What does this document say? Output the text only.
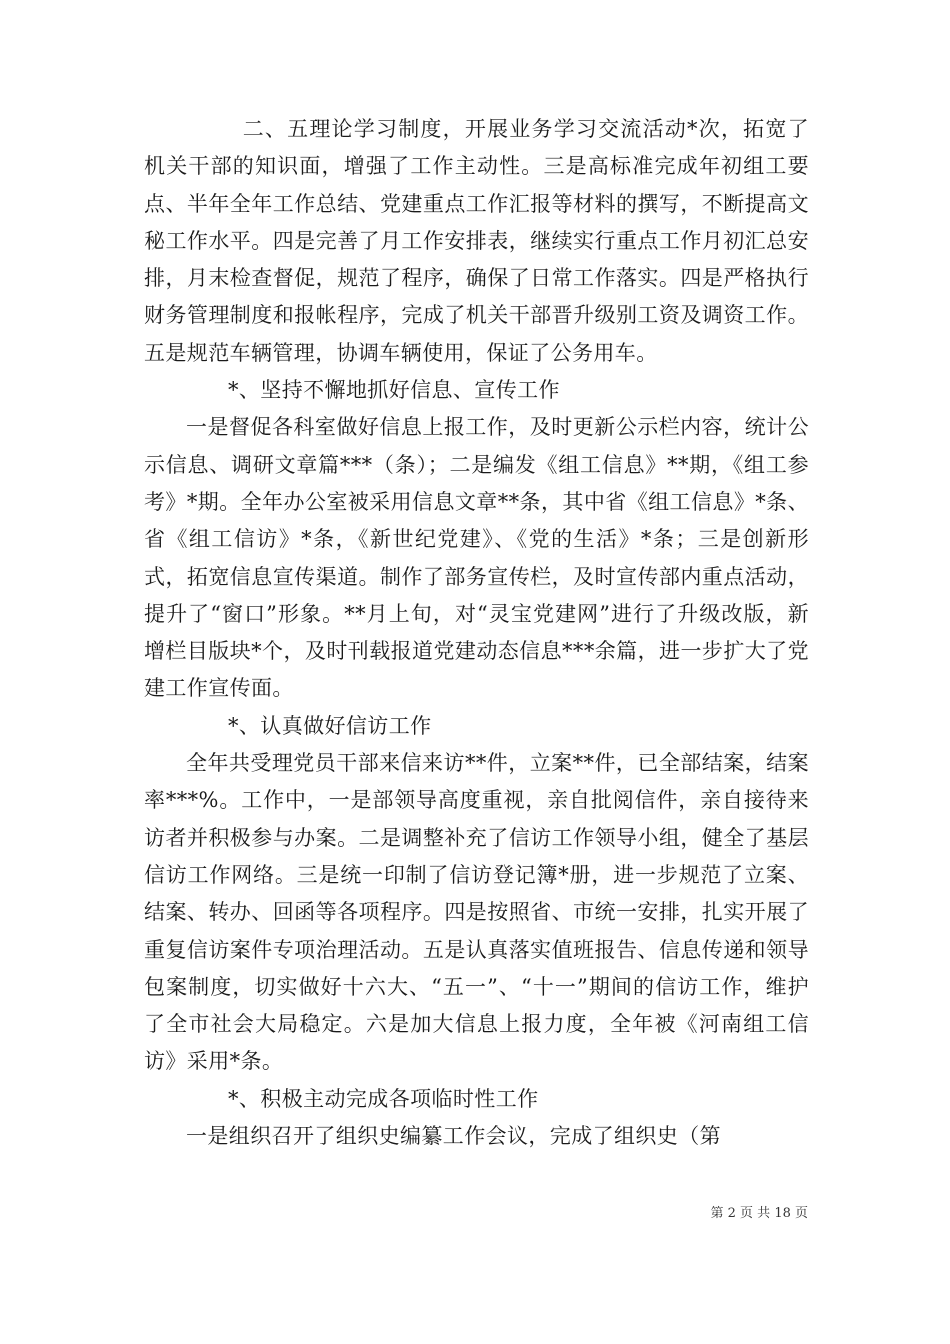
二、五理论学习制度，开展业务学习交流活动*次，拓宽了机关干部的知识面，增强了工作主动性。三是高标准完成年初组工要点、半年全年工作总结、党建重点工作汇报等材料的撰写，不断提高文秘工作水平。四是完善了月工作安排表，继续实行重点工作月初汇总安排，月末检查督促，规范了程序，确保了日常工作落实。四是严格执行财务管理制度和报帐程序，完成了机关干部晋升级别工资及调资工作。五是规范车辆管理，协调车辆使用，保证了公务用车。

*、坚持不懈地抓好信息、宣传工作

一是督促各科室做好信息上报工作，及时更新公示栏内容，统计公示信息、调研文章篇***（条）；二是编发《组工信息》**期，《组工参考》*期。全年办公室被采用信息文章**条，其中省《组工信息》*条、省《组工信访》*条，《新世纪党建》、《党的生活》*条；三是创新形式，拓宽信息宣传渠道。制作了部务宣传栏，及时宣传部内重点活动，提升了“窗口”形象。**月上旬，对“灵宝党建网”进行了升级改版，新增栏目版块*个，及时刊载报道党建动态信息***余篇，进一步扩大了党建工作宣传面。

*、认真做好信访工作

全年共受理党员干部来信来访**件，立案**件，已全部结案，结案率***%。工作中，一是部领导高度重视，亲自批阅信件，亲自接待来访者并积极参与办案。二是调整补充了信访工作领导小组，健全了基层信访工作网络。三是统一印制了信访登记簿*册，进一步规范了立案、结案、转办、回函等各项程序。四是按照省、市统一安排，扎实开展了重复信访案件专项治理活动。五是认真落实值班报告、信息传递和领导包案制度，切实做好十六大、“五一”、“十一”期间的信访工作，维护了全市社会大局稳定。六是加大信息上报力度，全年被《河南组工信访》采用*条。

*、积极主动完成各项临时性工作

一是组织召开了组织史编纂工作会议，完成了组织史（第

第 2 页 共 18 页
